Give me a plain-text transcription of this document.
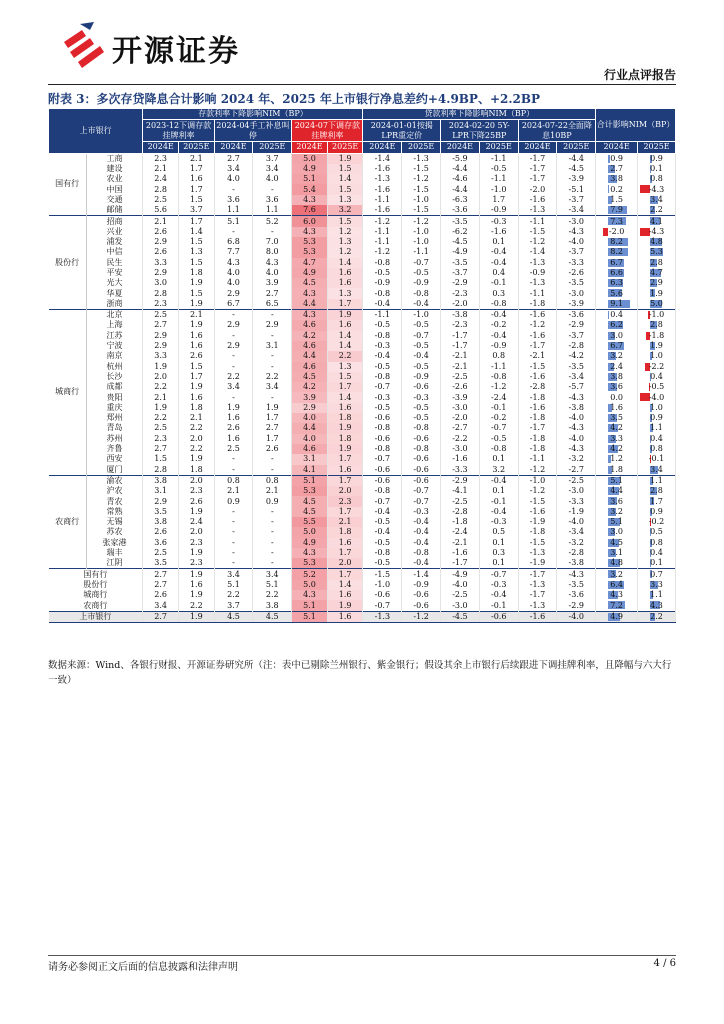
开源证券
行业点评报告
附表 3：多次存贷降息合计影响 2024 年、2025 年上市银行净息差约+4.9BP、+2.2BP
上市银行		存款利率下降影响NIM（BP）						贷款利率下降影响NIM（BP）						合计影响NIM（BP）	
		2023-12下调存款挂牌利率		2024-04手工补息叫停		2024-07下调存款挂牌利率		2024-01-01按揭LPR重定价		2024-02-20 5Y-LPR下降25BP		2024-07-22全面降息10BP			
		2024E	2025E	2024E	2025E	2024E	2025E	2024E	2025E	2024E	2025E	2024E	2025E	2024E	2025E
国有行	工商	2.3	2.1	2.7	3.7	5.0	1.9	-1.4	-1.3	-5.9	-1.1	-1.7	-4.4	0.9	0.9
	建设	2.1	1.7	3.4	3.4	4.9	1.5	-1.6	-1.5	-4.4	-0.5	-1.7	-4.5	2.7	0.1
	农业	2.4	1.6	4.0	4.0	5.1	1.4	-1.3	-1.2	-4.6	-1.1	-1.7	-3.9	3.8	0.8
	中国	2.8	1.7	-	-	5.4	1.5	-1.6	-1.5	-4.4	-1.0	-2.0	-5.1	0.2	-4.3
	交通	2.5	1.5	3.6	3.6	4.3	1.3	-1.1	-1.0	-6.3	1.7	-1.6	-3.7	1.5	3.4
	邮储	5.6	3.7	1.1	1.1	7.6	3.2	-1.6	-1.5	-3.6	-0.9	-1.3	-3.4	7.9	2.2
股份行	招商	2.1	1.7	5.1	5.2	6.0	1.5	-1.2	-1.2	-3.5	-0.3	-1.1	-3.0	7.3	4.1
	兴业	2.6	1.4	-	-	4.3	1.2	-1.1	-1.0	-6.2	-1.6	-1.5	-4.3	-2.0	-4.3
	浦发	2.9	1.5	6.8	7.0	5.3	1.3	-1.1	-1.0	-4.5	0.1	-1.2	-4.0	8.2	4.8
	中信	2.6	1.3	7.7	8.0	5.3	1.2	-1.2	-1.1	-4.9	-0.4	-1.4	-3.7	8.2	5.3
	民生	3.3	1.5	4.3	4.3	4.7	1.4	-0.8	-0.7	-3.5	-0.4	-1.3	-3.3	6.7	2.8
	平安	2.9	1.8	4.0	4.0	4.9	1.6	-0.5	-0.5	-3.7	0.4	-0.9	-2.6	6.6	4.7
	光大	3.0	1.9	4.0	3.9	4.5	1.6	-0.9	-0.9	-2.9	-0.1	-1.3	-3.5	6.3	2.9
	华夏	2.8	1.5	2.9	2.7	4.3	1.3	-0.8	-0.8	-2.3	0.3	-1.1	-3.0	5.6	1.9
	浙商	2.3	1.9	6.7	6.5	4.4	1.7	-0.4	-0.4	-2.0	-0.8	-1.8	-3.9	9.1	5.0
城商行	北京	2.5	2.1	-	-	4.3	1.9	-1.1	-1.0	-3.8	-0.4	-1.6	-3.6	0.4	-1.0
	上海	2.7	1.9	2.9	2.9	4.6	1.6	-0.5	-0.5	-2.3	-0.2	-1.2	-2.9	6.2	2.8
	江苏	2.9	1.6	-	-	4.2	1.4	-0.8	-0.7	-1.7	-0.4	-1.6	-3.7	3.0	-1.8
	宁波	2.9	1.6	2.9	3.1	4.6	1.4	-0.3	-0.5	-1.7	-0.9	-1.7	-2.8	6.7	1.9
	南京	3.3	2.6	-	-	4.4	2.2	-0.4	-0.4	-2.1	0.8	-2.1	-4.2	3.2	1.0
	杭州	1.9	1.5	-	-	4.6	1.3	-0.5	-0.5	-2.1	-1.1	-1.5	-3.5	2.4	-2.2
	长沙	2.0	1.7	2.2	2.2	4.5	1.5	-0.8	-0.9	-2.5	-0.8	-1.6	-3.4	3.8	0.4
	成都	2.2	1.9	3.4	3.4	4.2	1.7	-0.7	-0.6	-2.6	-1.2	-2.8	-5.7	3.6	-0.5
	贵阳	2.1	1.6	-	-	3.9	1.4	-0.3	-0.3	-3.9	-2.4	-1.8	-4.3	0.0	-4.0
	重庆	1.9	1.8	1.9	1.9	2.9	1.6	-0.5	-0.5	-3.0	-0.1	-1.6	-3.8	1.6	1.0
	郑州	2.2	2.1	1.6	1.7	4.0	1.8	-0.6	-0.5	-2.0	-0.2	-1.8	-4.0	3.5	0.9
	青岛	2.5	2.2	2.6	2.7	4.4	1.9	-0.8	-0.8	-2.7	-0.7	-1.7	-4.3	4.2	1.1
	苏州	2.3	2.0	1.6	1.7	4.0	1.8	-0.6	-0.6	-2.2	-0.5	-1.8	-4.0	3.3	0.4
	齐鲁	2.7	2.2	2.5	2.6	4.6	1.9	-0.8	-0.8	-3.0	-0.8	-1.8	-4.3	4.2	0.8
	西安	1.5	1.9	-	-	3.1	1.7	-0.7	-0.6	-1.6	0.1	-1.1	-3.2	1.2	-0.1
	厦门	2.8	1.8	-	-	4.1	1.6	-0.6	-0.6	-3.3	3.2	-1.2	-2.7	1.8	3.4
农商行	渝农	3.8	2.0	0.8	0.8	5.1	1.7	-0.6	-0.6	-2.9	-0.4	-1.0	-2.5	5.1	1.1
	沪农	3.1	2.3	2.1	2.1	5.3	2.0	-0.8	-0.7	-4.1	0.1	-1.2	-3.0	4.4	2.8
	青农	2.9	2.6	0.9	0.9	4.5	2.3	-0.7	-0.7	-2.5	-0.1	-1.5	-3.3	3.6	1.7
	常熟	3.5	1.9	-	-	4.5	1.7	-0.4	-0.3	-2.8	-0.4	-1.6	-1.9	3.2	0.9
	无锡	3.8	2.4	-	-	5.5	2.1	-0.5	-0.4	-1.8	-0.3	-1.9	-4.0	5.1	-0.2
	苏农	2.6	2.0	-	-	5.0	1.8	-0.4	-0.4	-2.4	0.5	-1.8	-3.4	3.0	0.5
	张家港	3.6	2.3	-	-	4.9	1.6	-0.5	-0.4	-2.1	0.1	-1.5	-3.2	4.5	0.8
	瑞丰	2.5	1.9	-	-	4.3	1.7	-0.8	-0.8	-1.6	0.3	-1.3	-2.8	3.1	0.4
	江阴	3.5	2.3	-	-	5.3	2.0	-0.5	-0.4	-1.7	0.1	-1.9	-3.8	4.8	0.1
国有行		2.7	1.9	3.4	3.4	5.2	1.7	-1.5	-1.4	-4.9	-0.7	-1.7	-4.3	3.2	0.7
股份行		2.7	1.6	5.1	5.1	5.0	1.4	-1.0	-0.9	-4.0	-0.3	-1.3	-3.5	6.4	3.3
城商行		2.6	1.9	2.2	2.2	4.3	1.6	-0.6	-0.6	-2.5	-0.4	-1.7	-3.6	4.3	1.1
农商行		3.4	2.2	3.7	3.8	5.1	1.9	-0.7	-0.6	-3.0	-0.1	-1.3	-2.9	7.2	4.3
上市银行		2.7	1.9	4.5	4.5	5.1	1.6	-1.3	-1.2	-4.5	-0.6	-1.6	-4.0	4.9	2.2
数据来源：Wind、各银行财报、开源证券研究所（注：表中已剔除兰州银行、紫金银行；假设其余上市银行后续跟进下调挂牌利率，且降幅与六大行一致）
请务必参阅正文后面的信息披露和法律声明	4 / 6
